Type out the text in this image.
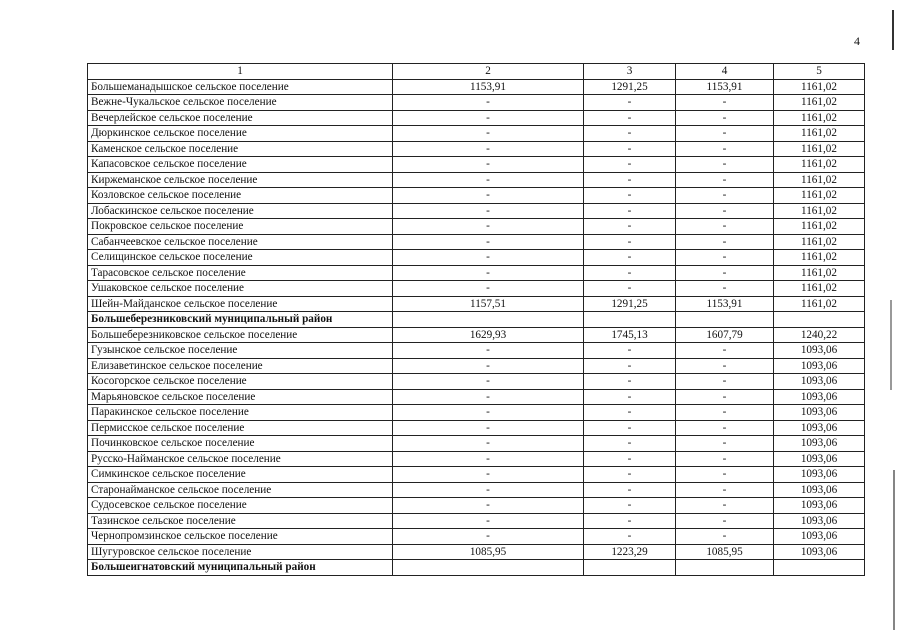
4
1	2	3	4	5
Большеманадышское сельское поселение	1153,91	1291,25	1153,91	1161,02
Вежне-Чукальское сельское поселение	-	-	-	1161,02
Вечерлейское сельское поселение	-	-	-	1161,02
Дюркинское сельское поселение	-	-	-	1161,02
Каменское сельское поселение	-	-	-	1161,02
Капасовское сельское поселение	-	-	-	1161,02
Киржеманское сельское поселение	-	-	-	1161,02
Козловское сельское поселение	-	-	-	1161,02
Лобаскинское сельское поселение	-	-	-	1161,02
Покровское сельское поселение	-	-	-	1161,02
Сабанчеевское сельское поселение	-	-	-	1161,02
Селищинское сельское поселение	-	-	-	1161,02
Тарасовское сельское поселение	-	-	-	1161,02
Ушаковское сельское поселение	-	-	-	1161,02
Шейн-Майданское сельское поселение	1157,51	1291,25	1153,91	1161,02
Большеберезниковский муниципальный район				
Большеберезниковское сельское поселение	1629,93	1745,13	1607,79	1240,22
Гузынское сельское поселение	-	-	-	1093,06
Елизаветинское сельское поселение	-	-	-	1093,06
Косогорское сельское поселение	-	-	-	1093,06
Марьяновское сельское поселение	-	-	-	1093,06
Паракинское сельское поселение	-	-	-	1093,06
Пермисское сельское поселение	-	-	-	1093,06
Починковское сельское поселение	-	-	-	1093,06
Русско-Найманское сельское поселение	-	-	-	1093,06
Симкинское сельское поселение	-	-	-	1093,06
Старонайманское сельское поселение	-	-	-	1093,06
Судосевское сельское поселение	-	-	-	1093,06
Тазинское сельское поселение	-	-	-	1093,06
Чернопромзинское сельское поселение	-	-	-	1093,06
Шугуровское сельское поселение	1085,95	1223,29	1085,95	1093,06
Большеигнатовский муниципальный район				
